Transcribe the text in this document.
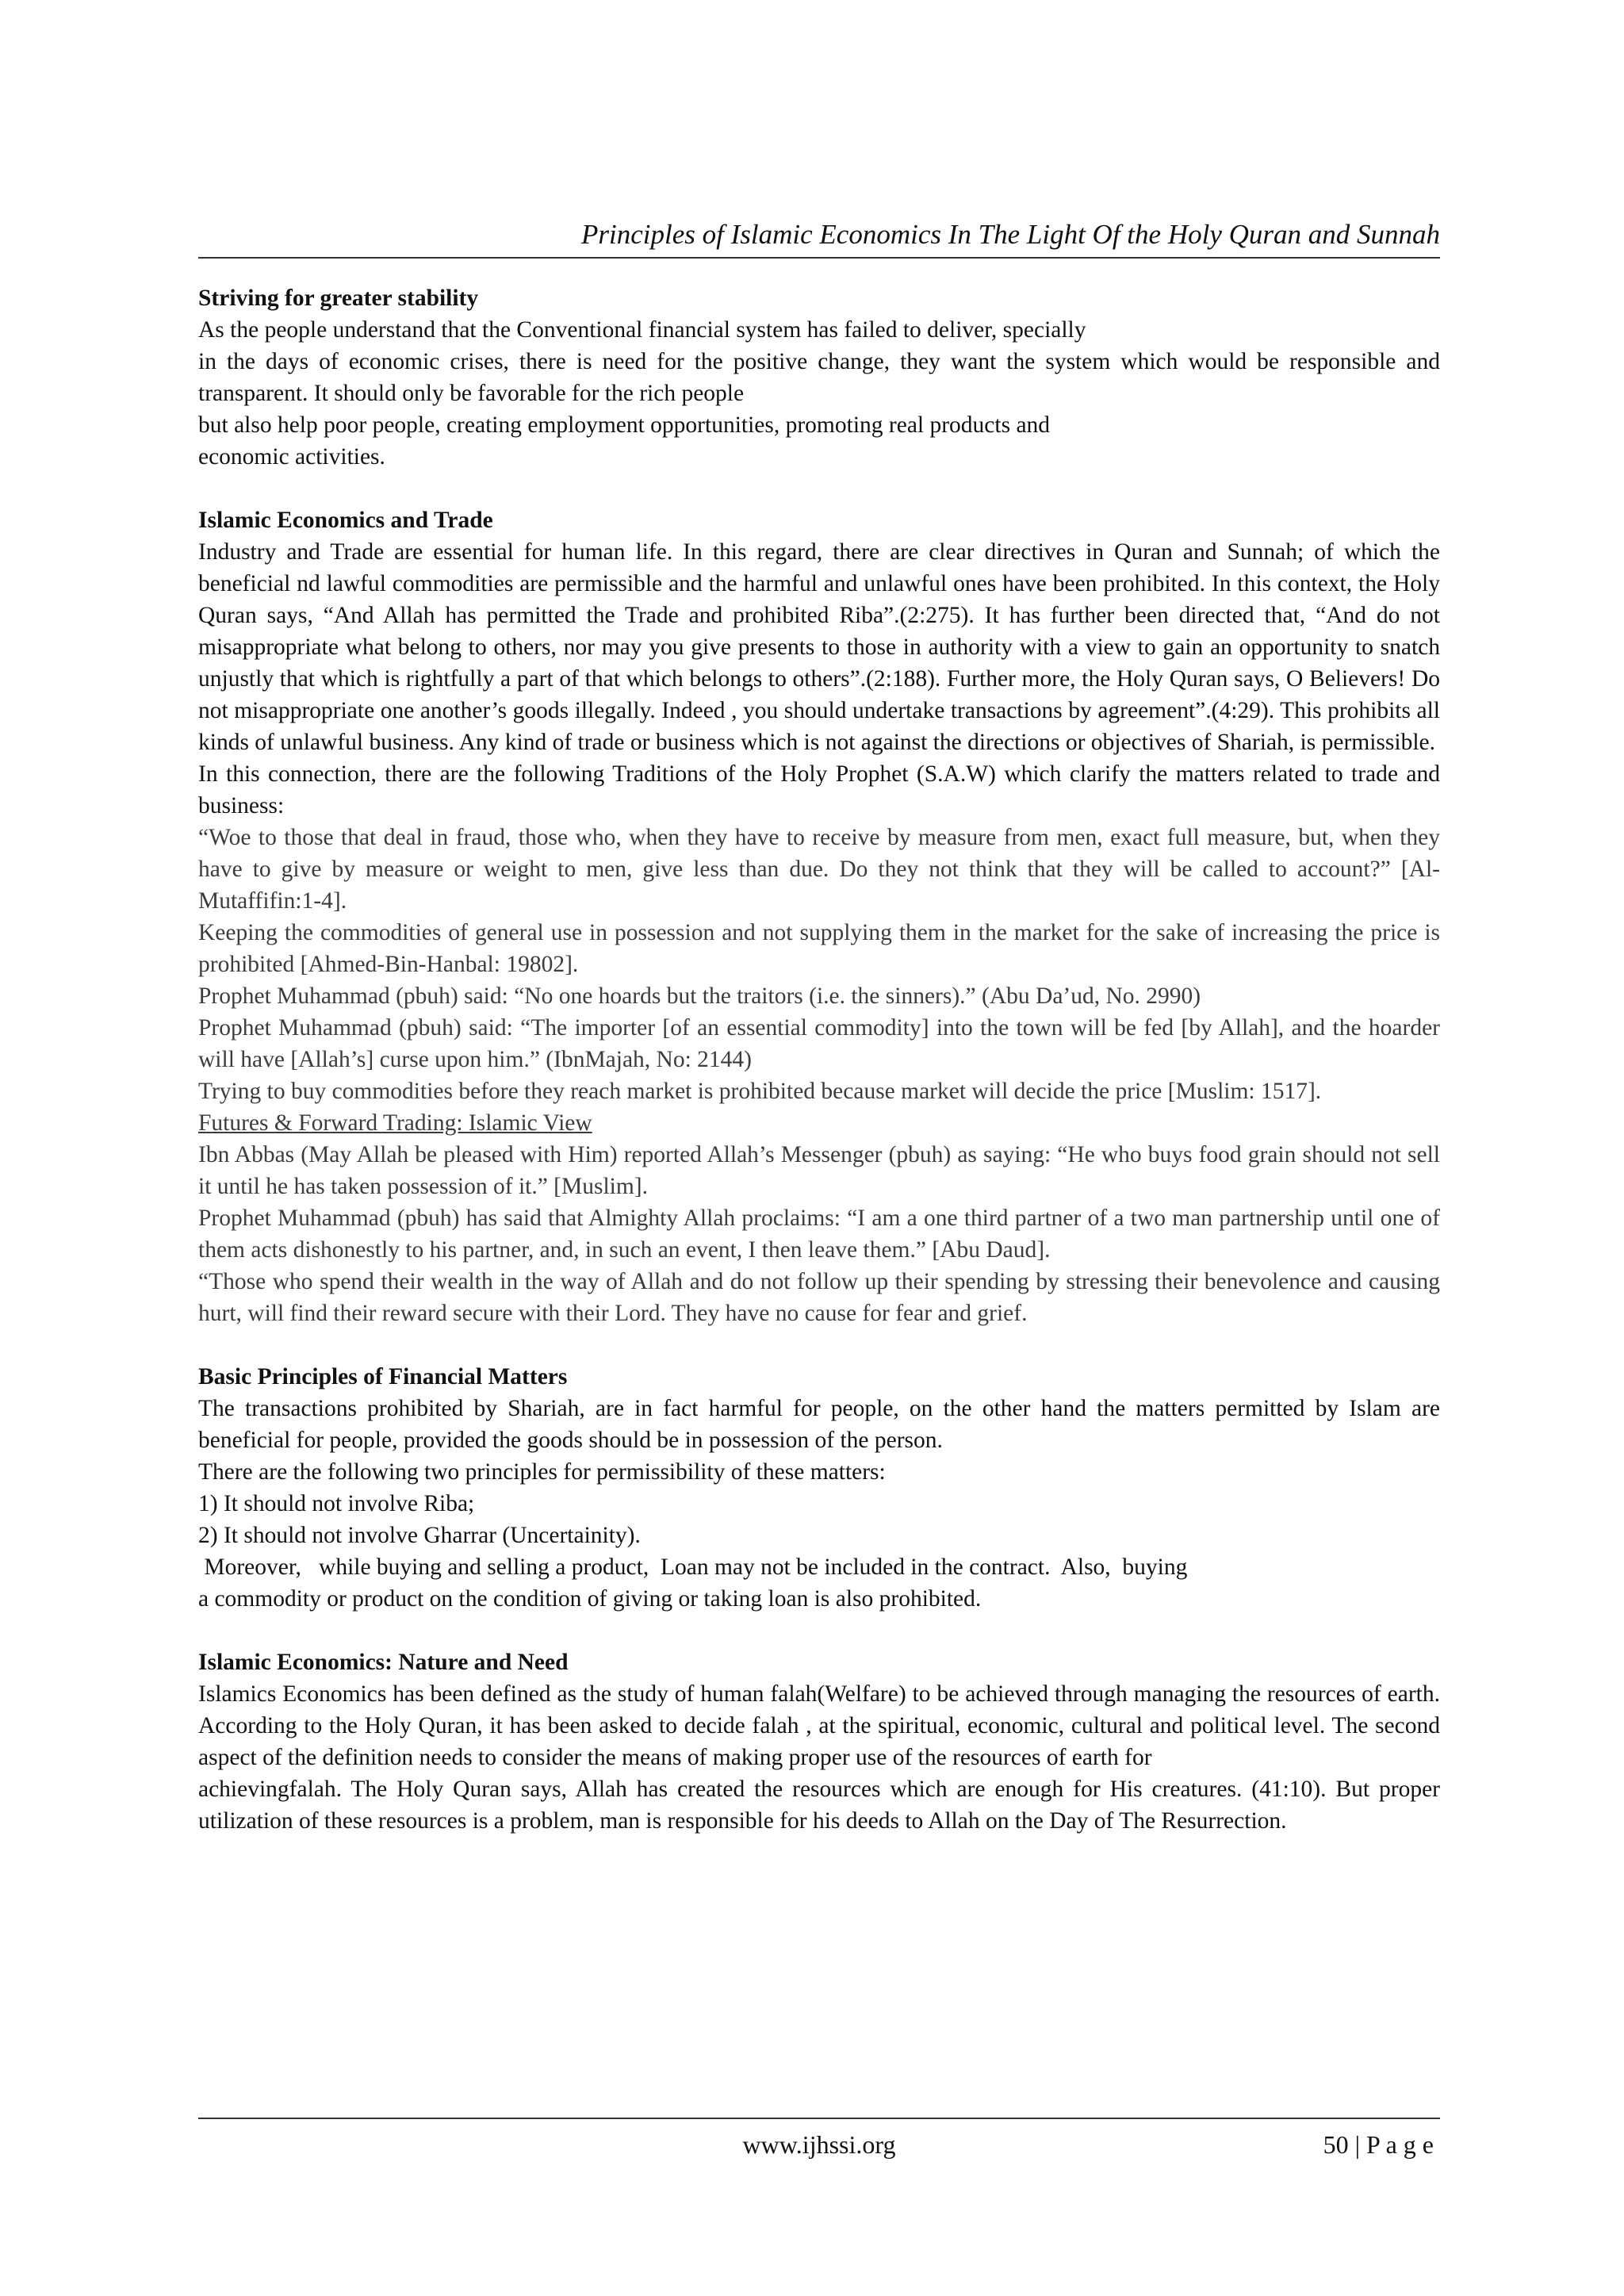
Principles of Islamic Economics In The Light Of the Holy Quran and Sunnah

Striving for greater stability

As the people understand that the Conventional financial system has failed to deliver, specially

in the days of economic crises, there is need for the positive change, they want the system which would be responsible and transparent. It should only be favorable for the rich people

but also help poor people, creating employment opportunities, promoting real products and

economic activities.

Islamic Economics and Trade

Industry and Trade are essential for human life. In this regard, there are clear directives in Quran and Sunnah; of which the beneficial nd lawful commodities are permissible and the harmful and unlawful ones have been prohibited. In this context, the Holy Quran says, “And Allah has permitted the Trade and prohibited Riba”.(2:275). It has further been directed that, “And do not misappropriate what belong to others, nor may you give presents to those in authority with a view to gain an opportunity to snatch unjustly that which is rightfully a part of that which belongs to others”.(2:188). Further more, the Holy Quran says, O Believers! Do not misappropriate one another’s goods illegally. Indeed , you should undertake transactions by agreement”.(4:29). This prohibits all kinds of unlawful business. Any kind of trade or business which is not against the directions or objectives of Shariah, is permissible.

In this connection, there are the following Traditions of the Holy Prophet (S.A.W) which clarify the matters related to trade and business:

“Woe to those that deal in fraud, those who, when they have to receive by measure from men, exact full measure, but, when they have to give by measure or weight to men, give less than due. Do they not think that they will be called to account?” [Al-Mutaffifin:1-4].

Keeping the commodities of general use in possession and not supplying them in the market for the sake of increasing the price is prohibited [Ahmed-Bin-Hanbal: 19802].

Prophet Muhammad (pbuh) said: “No one hoards but the traitors (i.e. the sinners).” (Abu Da’ud, No. 2990)

Prophet Muhammad (pbuh) said: “The importer [of an essential commodity] into the town will be fed [by Allah], and the hoarder will have [Allah’s] curse upon him.” (IbnMajah, No: 2144)

Trying to buy commodities before they reach market is prohibited because market will decide the price [Muslim: 1517].

Futures & Forward Trading: Islamic View

Ibn Abbas (May Allah be pleased with Him) reported Allah’s Messenger (pbuh) as saying: “He who buys food grain should not sell it until he has taken possession of it.” [Muslim].

Prophet Muhammad (pbuh) has said that Almighty Allah proclaims: “I am a one third partner of a two man partnership until one of them acts dishonestly to his partner, and, in such an event, I then leave them.” [Abu Daud].

“Those who spend their wealth in the way of Allah and do not follow up their spending by stressing their benevolence and causing hurt, will find their reward secure with their Lord. They have no cause for fear and grief.

Basic Principles of Financial Matters

The transactions prohibited by Shariah, are in fact harmful for people, on the other hand the matters permitted by Islam are beneficial for people, provided the goods should be in possession of the person.

There are the following two principles for permissibility of these matters:

1) It should not involve Riba;

2) It should not involve Gharrar (Uncertainity).

Moreover,   while buying and selling a product,  Loan may not be included in the contract.  Also,  buying

a commodity or product on the condition of giving or taking loan is also prohibited.

Islamic Economics: Nature and Need

Islamics Economics has been defined as the study of human falah(Welfare) to be achieved through managing the resources of earth. According to the Holy Quran, it has been asked to decide falah , at the spiritual, economic, cultural and political level. The second aspect of the definition needs to consider the means of making proper use of the resources of earth for

achievingfalah. The Holy Quran says, Allah has created the resources which are enough for His creatures. (41:10). But proper utilization of these resources is a problem, man is responsible for his deeds to Allah on the Day of The Resurrection.

www.ijhssi.org	50 | P a g e
